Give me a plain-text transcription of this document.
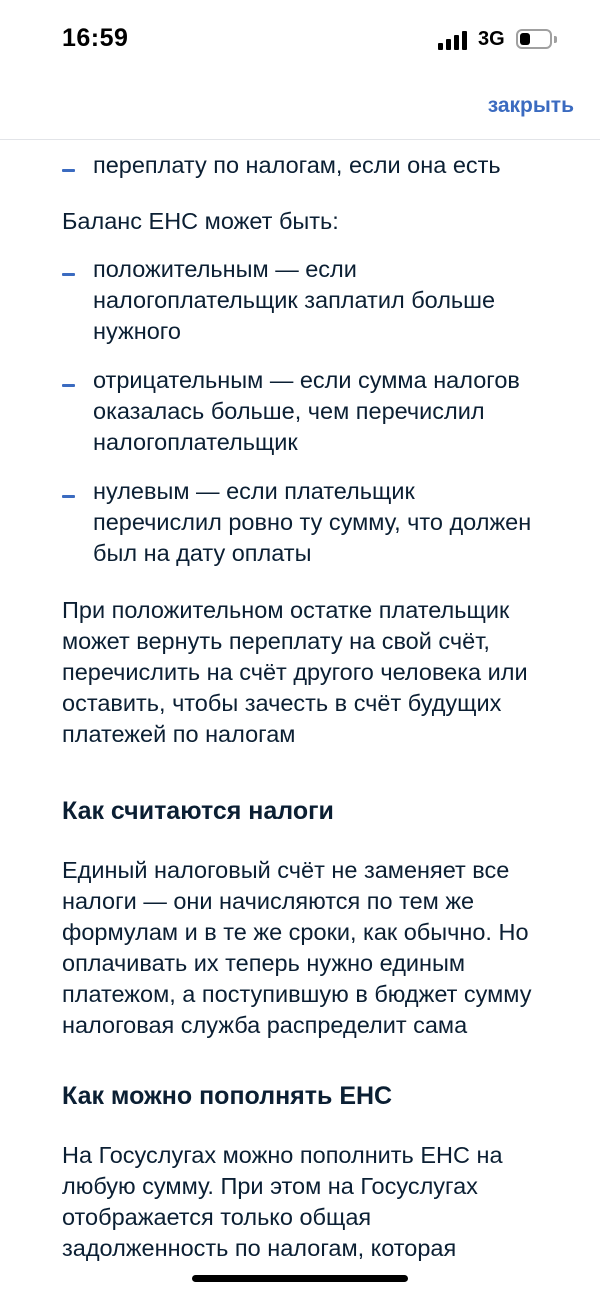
16:59	3G
закрыть
переплату по налогам, если она есть

Баланс ЕНС может быть:

положительным — если налогоплательщик заплатил больше нужного
отрицательным — если сумма налогов оказалась больше, чем перечислил налогоплательщик
нулевым — если плательщик перечислил ровно ту сумму, что должен был на дату оплаты

При положительном остатке плательщик может вернуть переплату на свой счёт, перечислить на счёт другого человека или оставить, чтобы зачесть в счёт будущих платежей по налогам

Как считаются налоги

Единый налоговый счёт не заменяет все налоги — они начисляются по тем же формулам и в те же сроки, как обычно. Но оплачивать их теперь нужно единым платежом, а поступившую в бюджет сумму налоговая служба распределит сама

Как можно пополнять ЕНС

На Госуслугах можно пополнить ЕНС на любую сумму. При этом на Госуслугах отображается только общая задолженность по налогам, которая
